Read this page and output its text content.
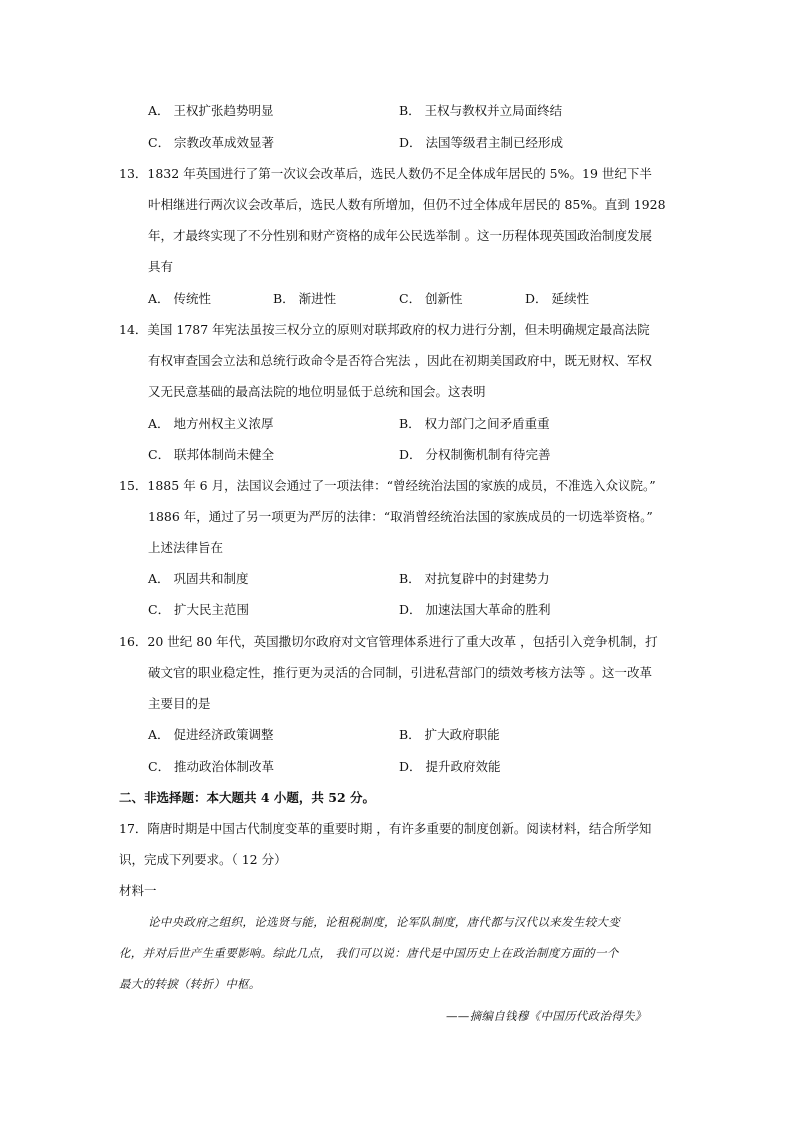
A． 王权扩张趋势明显	B． 王权与教权并立局面终结
C． 宗教改革成效显著	D． 法国等级君主制已经形成
13．1832 年英国进行了第一次议会改革后，选民人数仍不足全体成年居民的 5%。19 世纪下半
叶相继进行两次议会改革后，选民人数有所增加，但仍不过全体成年居民的 85%。直到 1928
年，才最终实现了不分性别和财产资格的成年公民选举制 。这一历程体现英国政治制度发展
具有
A． 传统性	B． 渐进性	C． 创新性	D． 延续性
14．美国 1787 年宪法虽按三权分立的原则对联邦政府的权力进行分割，但未明确规定最高法院
有权审查国会立法和总统行政命令是否符合宪法 ，因此在初期美国政府中，既无财权、军权
又无民意基础的最高法院的地位明显低于总统和国会。这表明
A． 地方州权主义浓厚	B． 权力部门之间矛盾重重
C． 联邦体制尚未健全	D． 分权制衡机制有待完善
15．1885 年 6 月，法国议会通过了一项法律：“曾经统治法国的家族的成员，不准选入众议院。”
1886 年，通过了另一项更为严厉的法律：“取消曾经统治法国的家族成员的一切选举资格。”
上述法律旨在
A． 巩固共和制度	B． 对抗复辟中的封建势力
C． 扩大民主范围	D． 加速法国大革命的胜利
16．20 世纪 80 年代，英国撒切尔政府对文官管理体系进行了重大改革 ，包括引入竞争机制，打
破文官的职业稳定性，推行更为灵活的合同制，引进私营部门的绩效考核方法等 。这一改革
主要目的是
A． 促进经济政策调整	B． 扩大政府职能
C． 推动政治体制改革	D． 提升政府效能
二、非选择题：本大题共 4 小题，共 52 分。
17．隋唐时期是中国古代制度变革的重要时期 ，有许多重要的制度创新。阅读材料，结合所学知
识，完成下列要求。（ 12 分）
材料一
论中央政府之组织，论选贤与能，论租税制度，论军队制度，唐代都与汉代以来发生较大变
化，并对后世产生重要影响。综此几点， 我们可以说：唐代是中国历史上在政治制度方面的一个
最大的转捩（转折）中枢。
——摘编自钱穆《中国历代政治得失》
